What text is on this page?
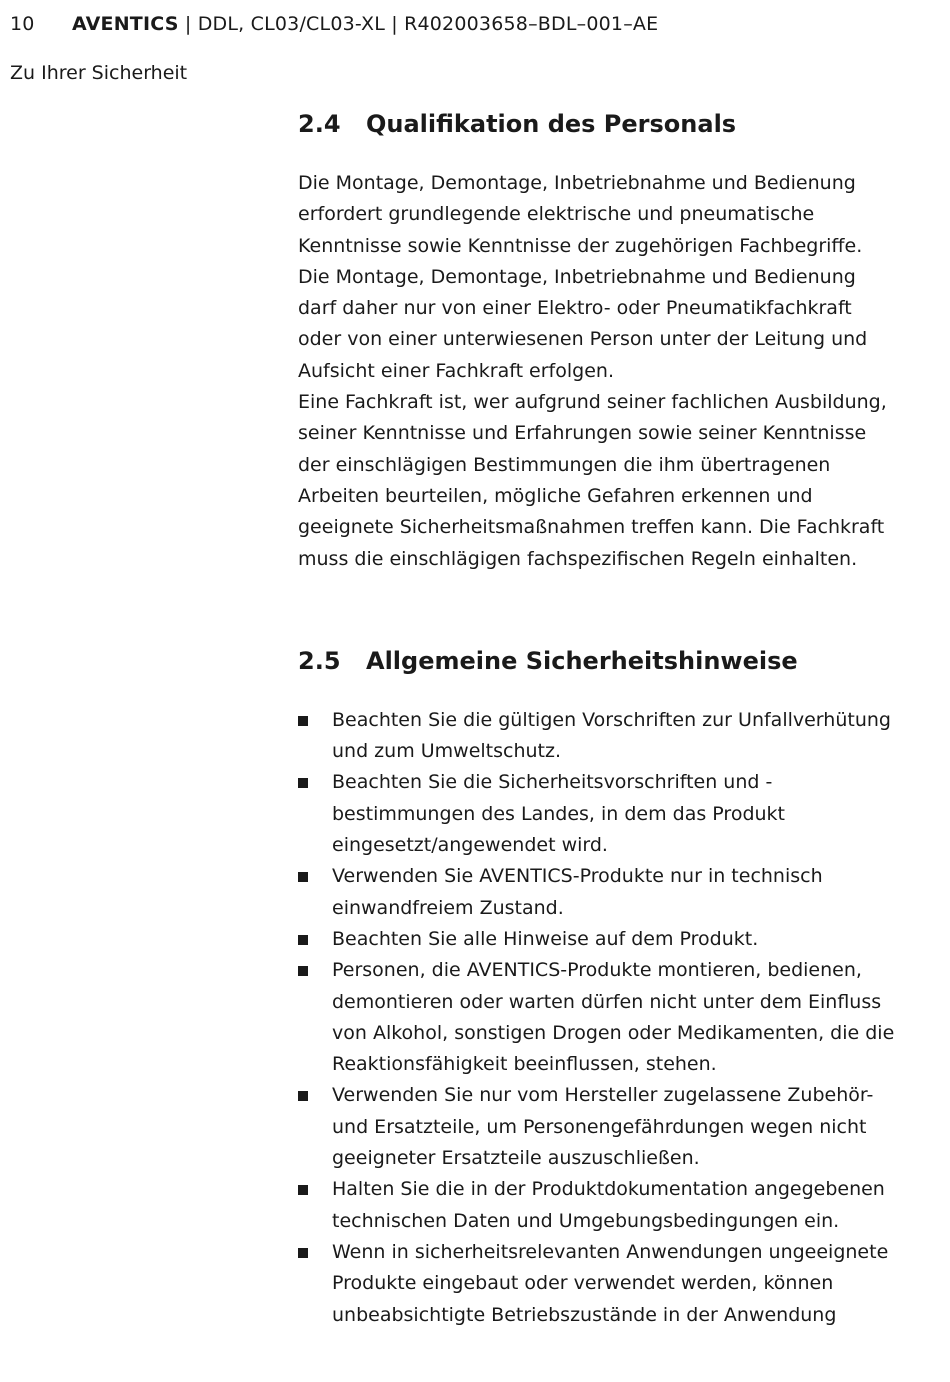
10 AVENTICS | DDL, CL03/CL03-XL | R402003658–BDL–001–AE
Zu Ihrer Sicherheit
2.4 Qualifikation des Personals

Die Montage, Demontage, Inbetriebnahme und Bedienung erfordert grundlegende elektrische und pneumatische Kenntnisse sowie Kenntnisse der zugehörigen Fachbegriffe. Die Montage, Demontage, Inbetriebnahme und Bedienung darf daher nur von einer Elektro- oder Pneumatikfachkraft oder von einer unterwiesenen Person unter der Leitung und Aufsicht einer Fachkraft erfolgen.

Eine Fachkraft ist, wer aufgrund seiner fachlichen Ausbildung, seiner Kenntnisse und Erfahrungen sowie seiner Kenntnisse der einschlägigen Bestimmungen die ihm übertragenen Arbeiten beurteilen, mögliche Gefahren erkennen und geeignete Sicherheitsmaßnahmen treffen kann. Die Fachkraft muss die einschlägigen fachspezifischen Regeln einhalten.

2.5 Allgemeine Sicherheitshinweise
Beachten Sie die gültigen Vorschriften zur Unfallverhütung und zum Umweltschutz.
Beachten Sie die Sicherheitsvorschriften und -bestimmungen des Landes, in dem das Produkt eingesetzt/angewendet wird.
Verwenden Sie AVENTICS-Produkte nur in technisch einwandfreiem Zustand.
Beachten Sie alle Hinweise auf dem Produkt.
Personen, die AVENTICS-Produkte montieren, bedienen, demontieren oder warten dürfen nicht unter dem Einfluss von Alkohol, sonstigen Drogen oder Medikamenten, die die Reaktionsfähigkeit beeinflussen, stehen.
Verwenden Sie nur vom Hersteller zugelassene Zubehör- und Ersatzteile, um Personengefährdungen wegen nicht geeigneter Ersatzteile auszuschließen.
Halten Sie die in der Produktdokumentation angegebenen technischen Daten und Umgebungsbedingungen ein.
Wenn in sicherheitsrelevanten Anwendungen ungeeignete Produkte eingebaut oder verwendet werden, können unbeabsichtigte Betriebszustände in der Anwendung
